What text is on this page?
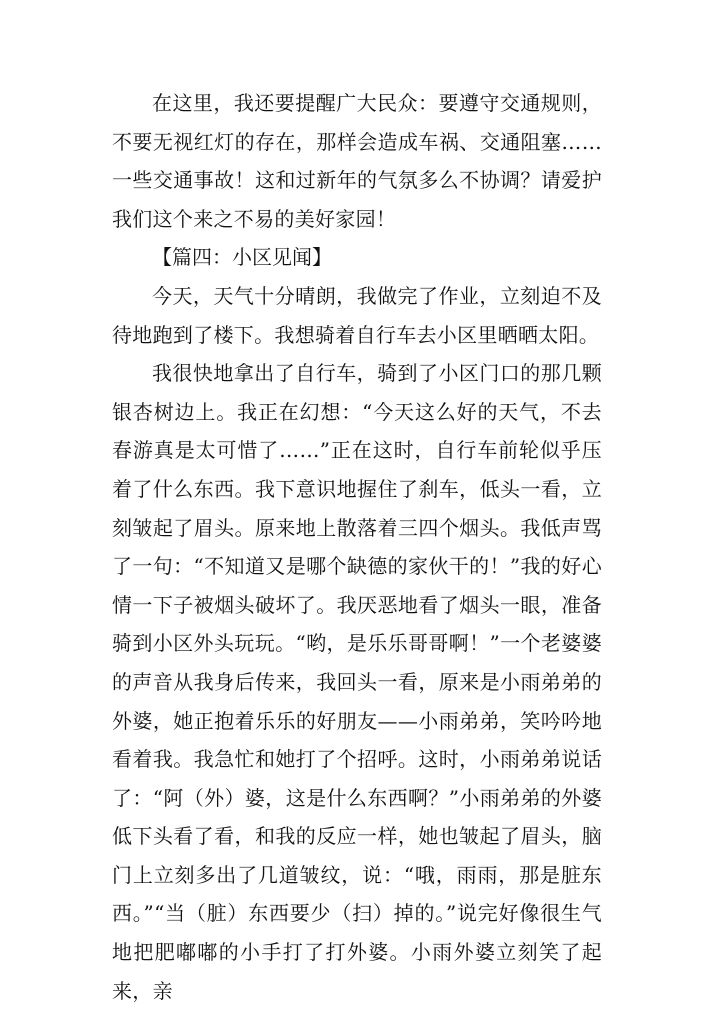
在这里，我还要提醒广大民众：要遵守交通规则，不要无视红灯的存在，那样会造成车祸、交通阻塞……一些交通事故！这和过新年的气氛多么不协调？请爱护我们这个来之不易的美好家园！

【篇四：小区见闻】

今天，天气十分晴朗，我做完了作业，立刻迫不及待地跑到了楼下。我想骑着自行车去小区里晒晒太阳。

我很快地拿出了自行车，骑到了小区门口的那几颗银杏树边上。我正在幻想：“今天这么好的天气，不去春游真是太可惜了……”正在这时，自行车前轮似乎压着了什么东西。我下意识地握住了刹车，低头一看，立刻皱起了眉头。原来地上散落着三四个烟头。我低声骂了一句：“不知道又是哪个缺德的家伙干的！”我的好心情一下子被烟头破坏了。我厌恶地看了烟头一眼，准备骑到小区外头玩玩。“哟，是乐乐哥哥啊！”一个老婆婆的声音从我身后传来，我回头一看，原来是小雨弟弟的外婆，她正抱着乐乐的好朋友——小雨弟弟，笑吟吟地看着我。我急忙和她打了个招呼。这时，小雨弟弟说话了：“阿（外）婆，这是什么东西啊？”小雨弟弟的外婆低下头看了看，和我的反应一样，她也皱起了眉头，脑门上立刻多出了几道皱纹，说：“哦，雨雨，那是脏东西。”“当（脏）东西要少（扫）掉的。”说完好像很生气地把肥嘟嘟的小手打了打外婆。小雨外婆立刻笑了起来，亲
